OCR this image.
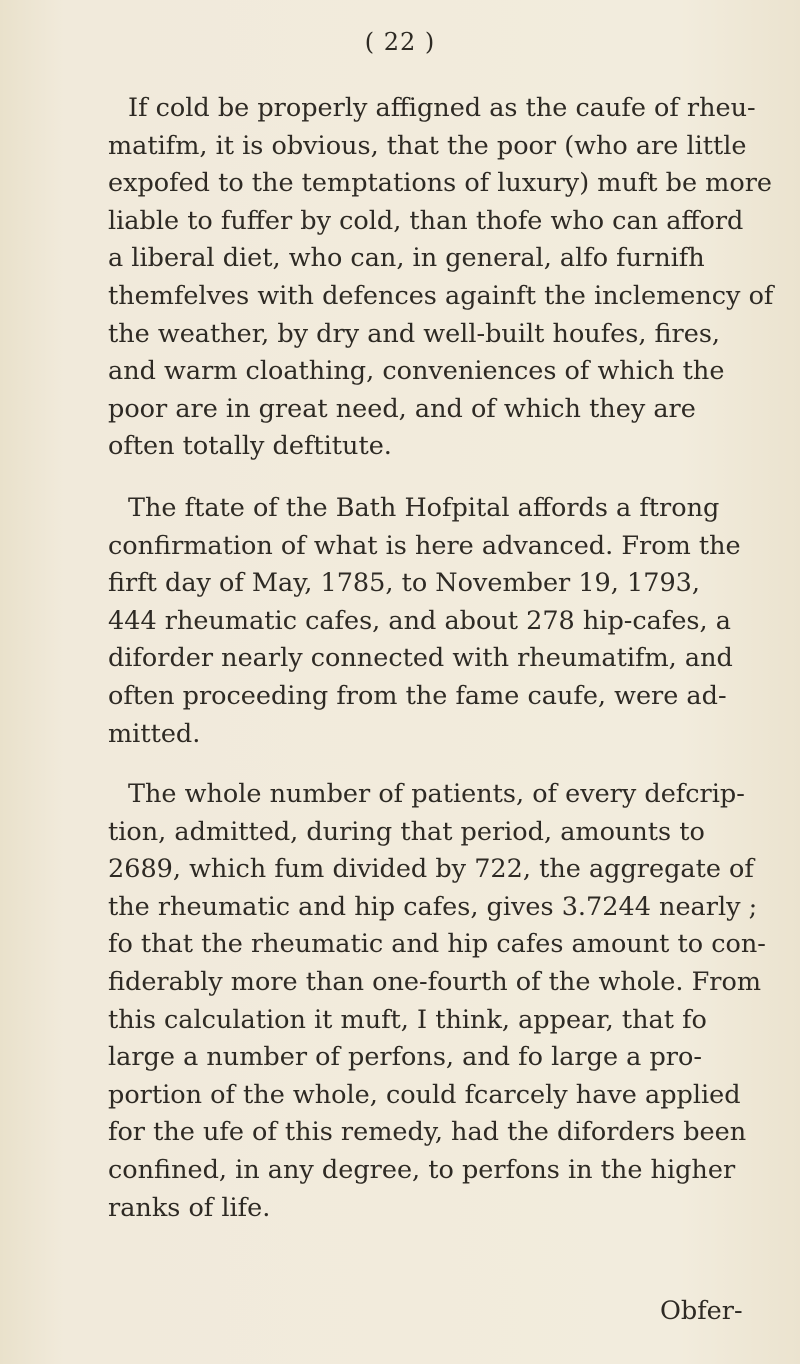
( 22 )
If cold be properly affigned as the caufe of rheu-
matifm, it is obvious, that the poor (who are little
expofed to the temptations of luxury) muft be more
liable to fuffer by cold, than thofe who can afford
a liberal diet, who can, in general, alfo furnifh
themfelves with defences againft the inclemency of
the weather, by dry and well-built houfes, fires,
and warm cloathing, conveniences of which the
poor are in great need, and of which they are
often totally deftitute.
The ftate of the Bath Hofpital affords a ftrong
confirmation of what is here advanced. From the
firft day of May, 1785, to November 19, 1793,
444 rheumatic cafes, and about 278 hip-cafes, a
diforder nearly connected with rheumatifm, and
often proceeding from the fame caufe, were ad-
mitted.
The whole number of patients, of every defcrip-
tion, admitted, during that period, amounts to
2689, which fum divided by 722, the aggregate of
the rheumatic and hip cafes, gives 3.7244 nearly ;
fo that the rheumatic and hip cafes amount to con-
fiderably more than one-fourth of the whole. From
this calculation it muft, I think, appear, that fo
large a number of perfons, and fo large a pro-
portion of the whole, could fcarcely have applied
for the ufe of this remedy, had the diforders been
confined, in any degree, to perfons in the higher
ranks of life.
Obfer-
